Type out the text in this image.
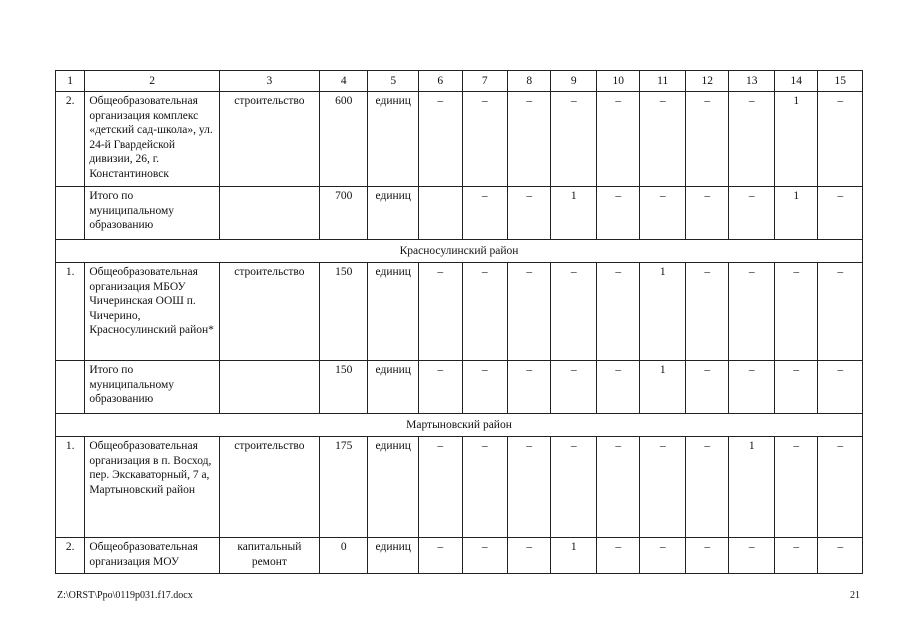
1	2	3	4	5	6	7	8	9	10	11	12	13	14	15
2.	Общеобразовательная организация комплекс «детский сад-школа», ул. 24-й Гвардейской дивизии, 26, г. Константиновск	строительство	600	единиц	–	–	–	–	–	–	–	–	1	–
	Итого по муниципальному образованию		700	единиц		–	–	1	–	–	–	–	1	–
Красносулинский район														
1.	Общеобразовательная организация МБОУ Чичеринская ООШ п. Чичерино, Красносулинский район*	строительство	150	единиц	–	–	–	–	–	1	–	–	–	–
	Итого по муниципальному образованию		150	единиц	–	–	–	–	–	1	–	–	–	–
Мартыновский район														
1.	Общеобразовательная организация в п. Восход, пер. Экскаваторный, 7 а, Мартыновский район	строительство	175	единиц	–	–	–	–	–	–	–	1	–	–
2.	Общеобразовательная организация МОУ	капитальный ремонт	0	единиц	–	–	–	1	–	–	–	–	–	–
Z:\ORST\Ppo\0119p031.f17.docx	21
